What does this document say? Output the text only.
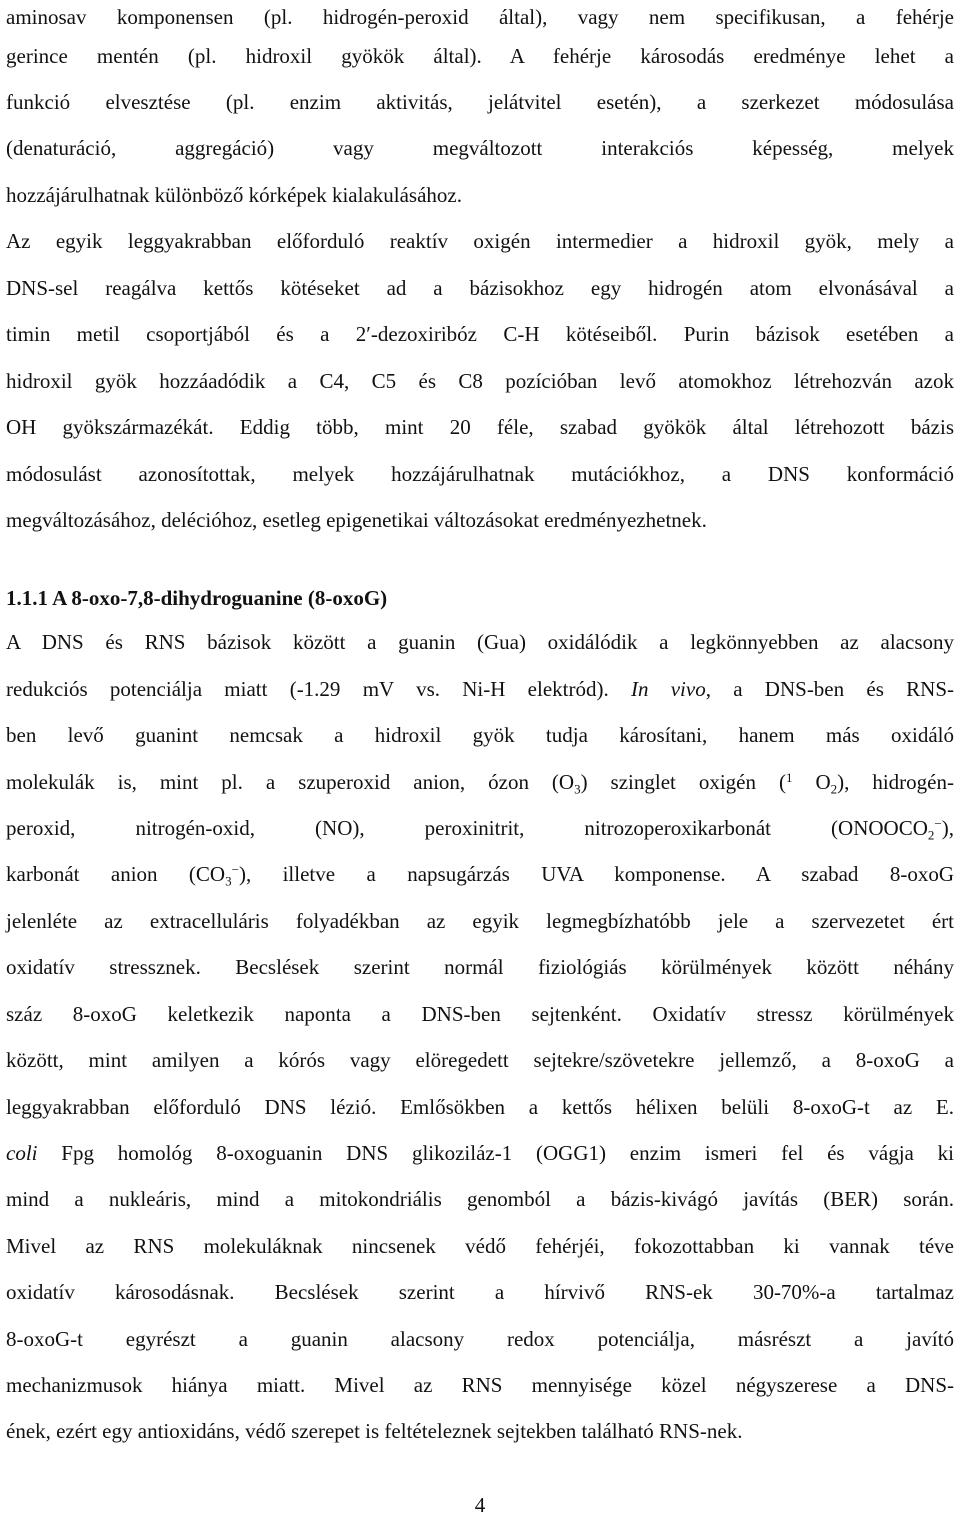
aminosav komponensen (pl. hidrogén-peroxid által), vagy nem specifikusan, a fehérje
gerince mentén (pl. hidroxil gyökök által). A fehérje károsodás eredménye lehet a
funkció elvesztése (pl. enzim aktivitás, jelátvitel esetén), a szerkezet módosulása
(denaturáció, aggregáció) vagy megváltozott interakciós képesség, melyek
hozzájárulhatnak különböző kórképek kialakulásához.
Az egyik leggyakrabban előforduló reaktív oxigén intermedier a hidroxil gyök, mely a
DNS-sel reagálva kettős kötéseket ad a bázisokhoz egy hidrogén atom elvonásával a
timin metil csoportjából és a 2′-dezoxiribóz C-H kötéseiből. Purin bázisok esetében a
hidroxil gyök hozzáadódik a C4, C5 és C8 pozícióban levő atomokhoz létrehozván azok
OH gyökszármazékát. Eddig több, mint 20 féle, szabad gyökök által létrehozott bázis
módosulást azonosítottak, melyek hozzájárulhatnak mutációkhoz, a DNS konformáció
megváltozásához, delécióhoz, esetleg epigenetikai változásokat eredményezhetnek.
1.1.1 A 8-oxo-7,8-dihydroguanine (8-oxoG)
A DNS és RNS bázisok között a guanin (Gua) oxidálódik a legkönnyebben az alacsony
redukciós potenciálja miatt (-1.29 mV vs. Ni-H elektród). In vivo, a DNS-ben és RNS-
ben levő guanint nemcsak a hidroxil gyök tudja károsítani, hanem más oxidáló
molekulák is, mint pl. a szuperoxid anion, ózon $(O_3)$ szinglet oxigén ($^1$ $O_2$), hidrogén-
peroxid, nitrogén-oxid, (NO), peroxinitrit, nitrozoperoxikarbonát $(ONOOCO_2^-)$,
karbonát anion $(CO_3^-)$, illetve a napsugárzás UVA komponense. A szabad 8-oxoG
jelenléte az extracelluláris folyadékban az egyik legmegbízhatóbb jele a szervezetet ért
oxidatív stressznek. Becslések szerint normál fiziológiás körülmények között néhány
száz 8-oxoG keletkezik naponta a DNS-ben sejtenként. Oxidatív stressz körülmények
között, mint amilyen a kórós vagy elöregedett sejtekre/szövetekre jellemző, a 8-oxoG a
leggyakrabban előforduló DNS lézió. Emlősökben a kettős hélixen belüli 8-oxoG-t az E.
coli Fpg homológ 8-oxoguanin DNS glikoziláz-1 (OGG1) enzim ismeri fel és vágja ki
mind a nukleáris, mind a mitokondriális genomból a bázis-kivágó javítás (BER) során.
Mivel az RNS molekuláknak nincsenek védő fehérjéi, fokozottabban ki vannak téve
oxidatív károsodásnak. Becslések szerint a hírvivő RNS-ek 30-70%-a tartalmaz
8-oxoG-t egyrészt a guanin alacsony redox potenciálja, másrészt a javító
mechanizmusok hiánya miatt. Mivel az RNS mennyisége közel négyszerese a DNS-
ének, ezért egy antioxidáns, védő szerepet is feltételeznek sejtekben található RNS-nek.
4
